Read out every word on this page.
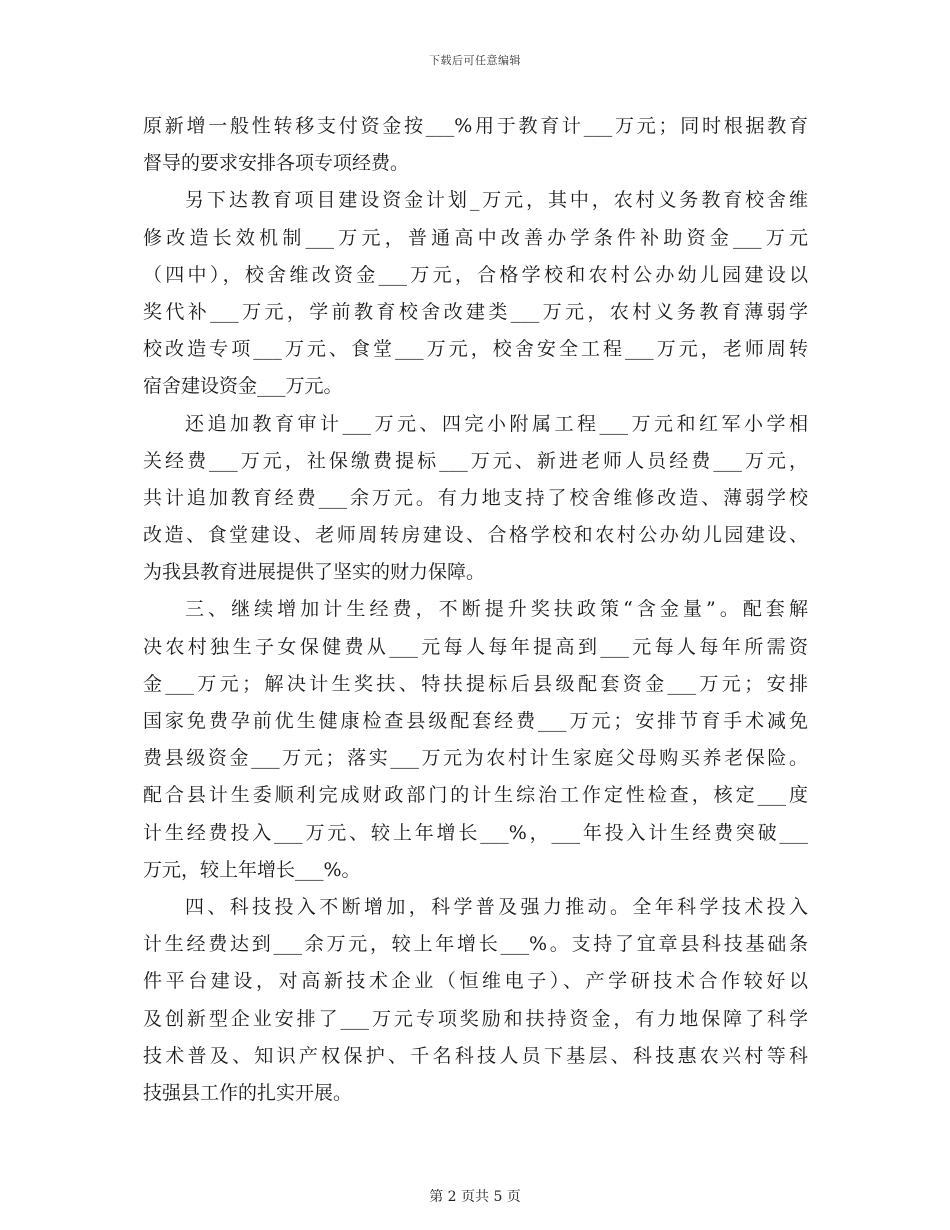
下载后可任意编辑
原新增一般性转移支付资金按___%用于教育计___万元；同时根据教育
督导的要求安排各项专项经费。
另下达教育项目建设资金计划_万元，其中，农村义务教育校舍维
修改造长效机制___万元，普通高中改善办学条件补助资金___万元
（四中），校舍维改资金___万元，合格学校和农村公办幼儿园建设以
奖代补___万元，学前教育校舍改建类___万元，农村义务教育薄弱学
校改造专项___万元、食堂___万元，校舍安全工程___万元，老师周转
宿舍建设资金___万元。
还追加教育审计___万元、四完小附属工程___万元和红军小学相
关经费___万元，社保缴费提标___万元、新进老师人员经费___万元，
共计追加教育经费___余万元。有力地支持了校舍维修改造、薄弱学校
改造、食堂建设、老师周转房建设、合格学校和农村公办幼儿园建设、
为我县教育进展提供了坚实的财力保障。
三、继续增加计生经费，不断提升奖扶政策“含金量”。配套解
决农村独生子女保健费从___元每人每年提高到___元每人每年所需资
金___万元；解决计生奖扶、特扶提标后县级配套资金___万元；安排
国家免费孕前优生健康检查县级配套经费___万元；安排节育手术减免
费县级资金___万元；落实___万元为农村计生家庭父母购买养老保险。
配合县计生委顺利完成财政部门的计生综治工作定性检查，核定___度
计生经费投入___万元、较上年增长___%，___年投入计生经费突破___
万元，较上年增长___%。
四、科技投入不断增加，科学普及强力推动。全年科学技术投入
计生经费达到___余万元，较上年增长___%。支持了宜章县科技基础条
件平台建设，对高新技术企业（恒维电子）、产学研技术合作较好以
及创新型企业安排了___万元专项奖励和扶持资金，有力地保障了科学
技术普及、知识产权保护、千名科技人员下基层、科技惠农兴村等科
技强县工作的扎实开展。
第 2 页共 5 页
